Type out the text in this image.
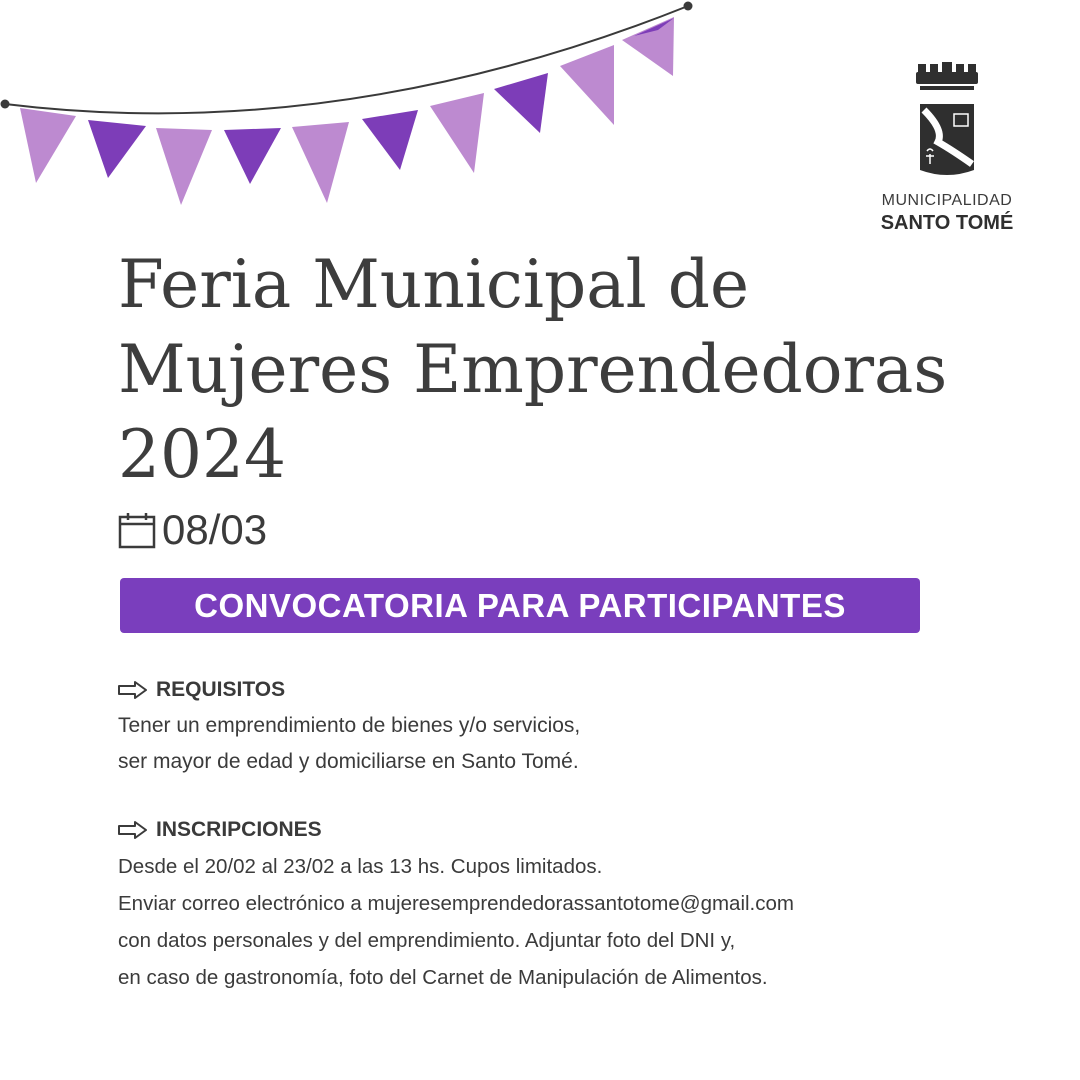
MUNICIPALIDAD
SANTO TOMÉ
Feria Municipal de
Mujeres Emprendedoras
2024
08/03
CONVOCATORIA PARA PARTICIPANTES
REQUISITOS

Tener un emprendimiento de bienes y/o servicios,

ser mayor de edad y domiciliarse en Santo Tomé.

INSCRIPCIONES

Desde el 20/02 al 23/02 a las 13 hs. Cupos limitados.

Enviar correo electrónico a mujeresemprendedorassantotome@gmail.com

con datos personales y del emprendimiento. Adjuntar foto del DNI y,

en caso de gastronomía, foto del Carnet de Manipulación de Alimentos.
